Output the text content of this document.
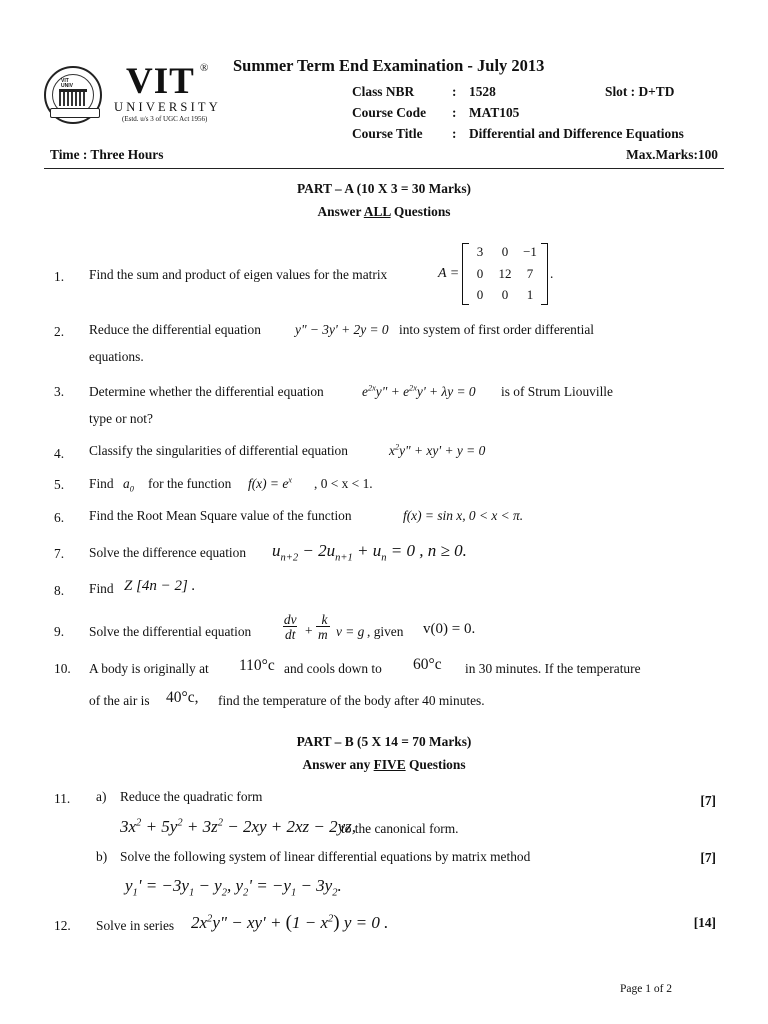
VIT
UNIV VIT ®
UNIVERSITY
(Estd. u/s 3 of UGC Act 1956)
Summer Term End Examination - July 2013
Class NBR	: 1528	Slot : D+TD
Course Code : MAT105
Course Title : Differential and Difference Equations
Time : Three Hours	Max.Marks:100
PART – A (10 X 3 = 30 Marks)
Answer ALL Questions
1. Find the sum and product of eigen values for the matrix	A =
3	0	−1
0	12	7
0	0	1
.
2. Reduce the differential equation	y" − 3y' + 2y = 0 into system of first order differential
equations.
3. Determine whether the differential equation	$e^{2x}y$" + $e^{2x}y' + \lambda y = 0$ is of Strum Liouville
type or not?
4. Classify the singularities of differential equation	$x^2y$" + xy' + y = 0
5. Find $a_0$ for the function $f(x) = e^x$ , 0 < x < 1.
6. Find the Root Mean Square value of the function	f(x) = sin x, 0 < x < π.
7. Solve the difference equation $u_{n+2} - 2u_{n+1} + u_n = 0$ , n ≥ 0.
8. Find Z [4n − 2] .
9. Solve the differential equation
dv
dt +
k
m v = g , given v(0) = 0.
10. A body is originally at 110°c and cools down to 60°c in 30 minutes. If the temperature
of the air is 40°c, find the temperature of the body after 40 minutes.
PART – B (5 X 14 = 70 Marks)
Answer any FIVE Questions
11. a) Reduce the quadratic form	[7]
$3x^2 + 5y^2 + 3z^2 - 2xy + 2xz - 2yz$,
to the canonical form.
b) Solve the following system of linear differential equations by matrix method	[7]
$y_1' = -3y_1 - y_2$, $y_2' = -y_1 - 3y_2$.
12. Solve in series $2x^2y$" − $xy' + (1 - x^2)$ y = 0 .	[14]
Page 1 of 2
